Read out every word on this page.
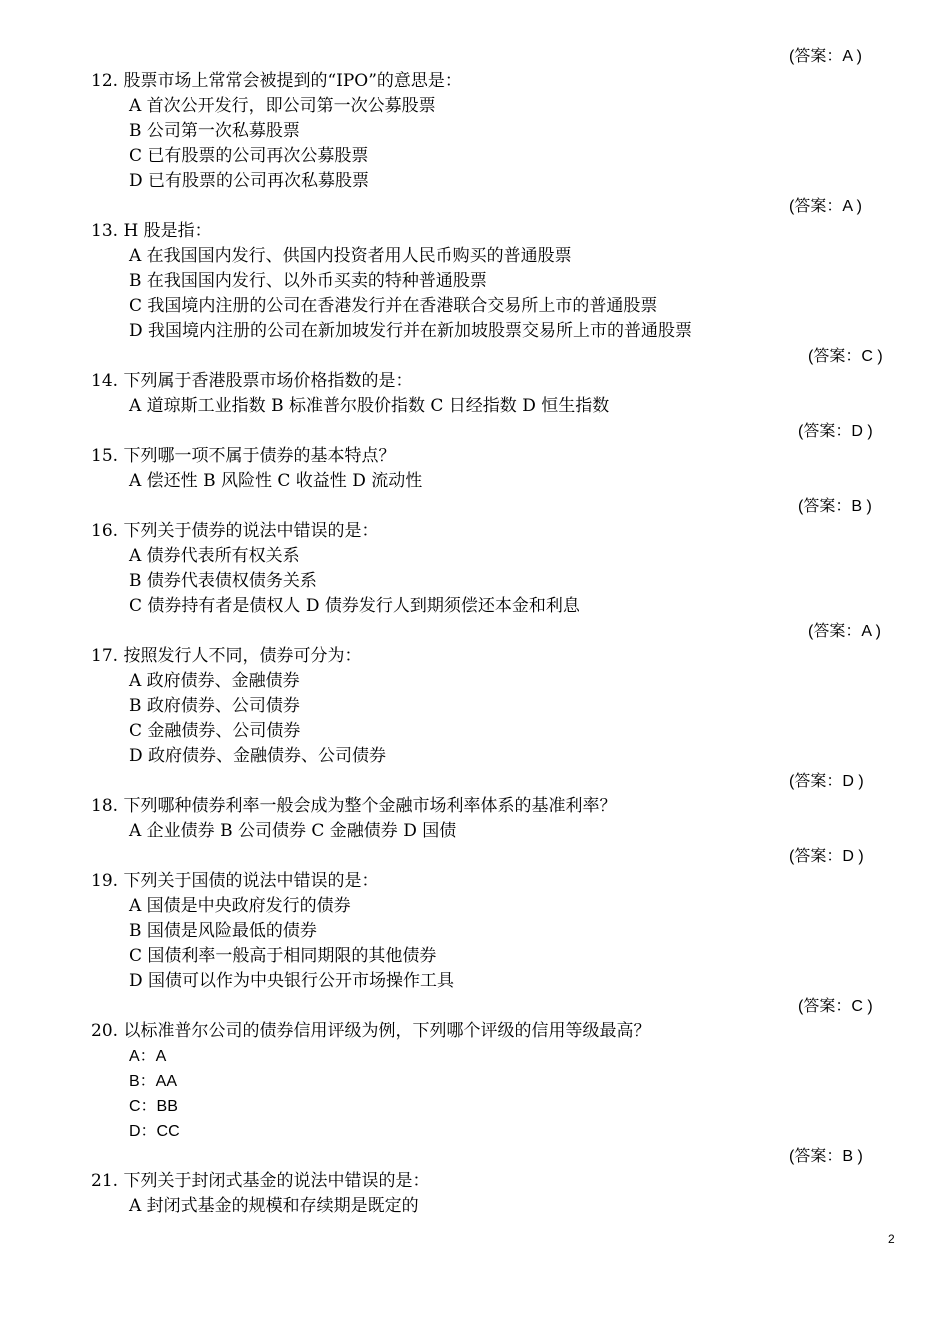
(答案：A )
12. 股票市场上常常会被提到的“IPO”的意思是：
A 首次公开发行，即公司第一次公募股票
B 公司第一次私募股票
C 已有股票的公司再次公募股票
D 已有股票的公司再次私募股票
(答案：A )
13. H 股是指：
A 在我国国内发行、供国内投资者用人民币购买的普通股票
B 在我国国内发行、以外币买卖的特种普通股票
C 我国境内注册的公司在香港发行并在香港联合交易所上市的普通股票
D 我国境内注册的公司在新加坡发行并在新加坡股票交易所上市的普通股票
(答案：C )
14. 下列属于香港股票市场价格指数的是：
A 道琼斯工业指数 B 标准普尔股价指数 C 日经指数 D 恒生指数
(答案：D )
15. 下列哪一项不属于债券的基本特点？
A 偿还性 B 风险性 C 收益性 D 流动性
(答案：B )
16. 下列关于债券的说法中错误的是：
A 债券代表所有权关系
B 债券代表债权债务关系
C 债券持有者是债权人 D 债券发行人到期须偿还本金和利息
(答案：A )
17. 按照发行人不同，债券可分为：
A 政府债券、金融债券
B 政府债券、公司债券
C 金融债券、公司债券
D 政府债券、金融债券、公司债券
(答案：D )
18. 下列哪种债券利率一般会成为整个金融市场利率体系的基准利率？
A 企业债券 B 公司债券 C 金融债券 D 国债
(答案：D )
19. 下列关于国债的说法中错误的是：
A 国债是中央政府发行的债券
B 国债是风险最低的债券
C 国债利率一般高于相同期限的其他债券
D 国债可以作为中央银行公开市场操作工具
(答案：C )
20. 以标准普尔公司的债券信用评级为例，下列哪个评级的信用等级最高？
A：A
B：AA
C：BB
D：CC
(答案：B )
21. 下列关于封闭式基金的说法中错误的是：
A 封闭式基金的规模和存续期是既定的
2
